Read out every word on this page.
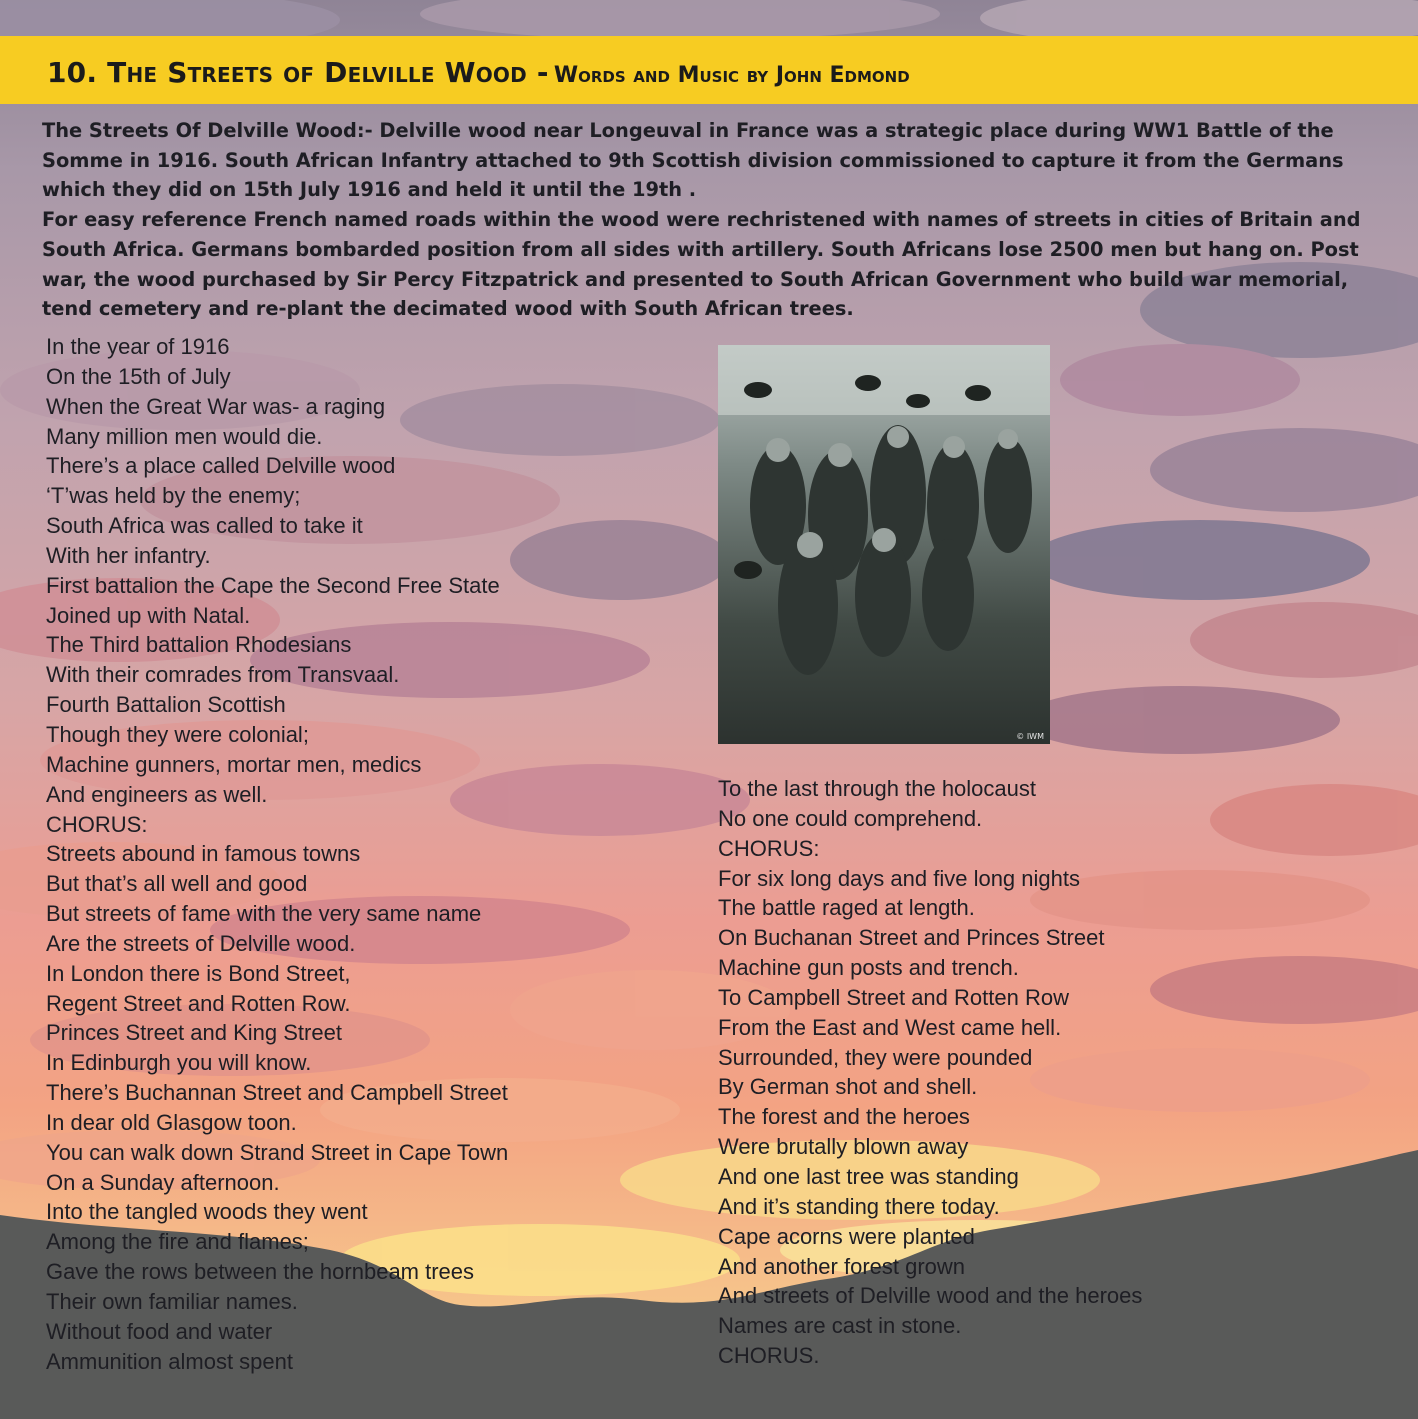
10. The Streets of Delville Wood - Words and Music by John Edmond

The Streets Of Delville Wood:- Delville wood near Longeuval in France was a strategic place during WW1 Battle of the Somme in 1916. South African Infantry attached to 9th Scottish division commissioned to capture it from the Germans which they did on 15th July 1916 and held it until the 19th .

For easy reference French named roads within the wood were rechristened with names of streets in cities of Britain and South Africa. Germans bombarded position from all sides with artillery. South Africans lose 2500 men but hang on. Post war, the wood purchased by Sir Percy Fitzpatrick and presented to South African Government who build war memorial, tend cemetery and re-plant the decimated wood with South African trees.

In the year of 1916
On the 15th of July
When the Great War was- a raging
Many million men would die.
There’s a place called Delville wood
‘T’was held by the enemy;
South Africa was called to take it
With her infantry.
First battalion the Cape the Second Free State
Joined up with Natal.
The Third battalion Rhodesians
With their comrades from Transvaal.
Fourth Battalion Scottish
Though they were colonial;
Machine gunners, mortar men, medics
And engineers as well.
CHORUS:
Streets abound in famous towns
But that’s all well and good
But streets of fame with the very same name
Are the streets of Delville wood.
In London there is Bond Street,
Regent Street and Rotten Row.
Princes Street and King Street
In Edinburgh you will know.
There’s Buchannan Street and Campbell Street
In dear old Glasgow toon.
You can walk down Strand Street in Cape Town
On a Sunday afternoon.
Into the tangled woods they went
Among the fire and flames;
Gave the rows between the hornbeam trees
Their own familiar names.
Without food and water
Ammunition almost spent
© IWM
To the last through the holocaust
No one could comprehend.
CHORUS:
For six long days and five long nights
The battle raged at length.
On Buchanan Street and Princes Street
Machine gun posts and trench.
To Campbell Street and Rotten Row
From the East and West came hell.
Surrounded, they were pounded
By German shot and shell.
The forest and the heroes
Were brutally blown away
And one last tree was standing
And it’s standing there today.
Cape acorns were planted
And another forest grown
And streets of Delville wood and the heroes
Names are cast in stone.
CHORUS.
